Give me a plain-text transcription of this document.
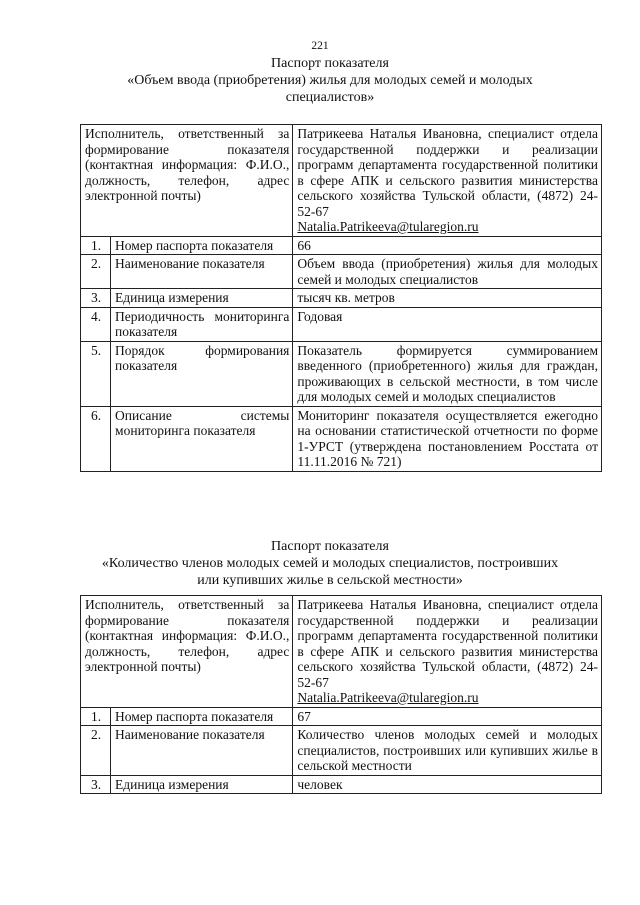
221
Паспорт показателя
«Объем ввода (приобретения) жилья для молодых семей и молодых
специалистов»
Исполнитель, ответственный за формирование показателя (контактная информация: Ф.И.О., должность, телефон, адрес электронной почты)		Патрикеева Наталья Ивановна, специалист отдела государственной поддержки и реализации программ департамента государственной политики в сфере АПК и сельского развития министерства сельского хозяйства Тульской области, (4872) 24-52-67
Natalia.Patrikeeva@tularegion.ru
1.	Номер паспорта показателя	66
2.	Наименование показателя	Объем ввода (приобретения) жилья для молодых семей и молодых специалистов
3.	Единица измерения	тысяч кв. метров
4.	Периодичность мониторинга показателя	Годовая
5.	Порядок формирования показателя	Показатель формируется суммированием введенного (приобретенного) жилья для граждан, проживающих в сельской местности, в том числе для молодых семей и молодых специалистов
6.	Описание системы мониторинга показателя	Мониторинг показателя осуществляется ежегодно на основании статистической отчетности по форме 1-УРСТ (утверждена постановлением Росстата от 11.11.2016 № 721)
Паспорт показателя
«Количество членов молодых семей и молодых специалистов, построивших
или купивших жилье в сельской местности»
Исполнитель, ответственный за формирование показателя (контактная информация: Ф.И.О., должность, телефон, адрес электронной почты)		Патрикеева Наталья Ивановна, специалист отдела государственной поддержки и реализации программ департамента государственной политики в сфере АПК и сельского развития министерства сельского хозяйства Тульской области, (4872) 24-52-67
Natalia.Patrikeeva@tularegion.ru
1.	Номер паспорта показателя	67
2.	Наименование показателя	Количество членов молодых семей и молодых специалистов, построивших или купивших жилье в сельской местности
3.	Единица измерения	человек
